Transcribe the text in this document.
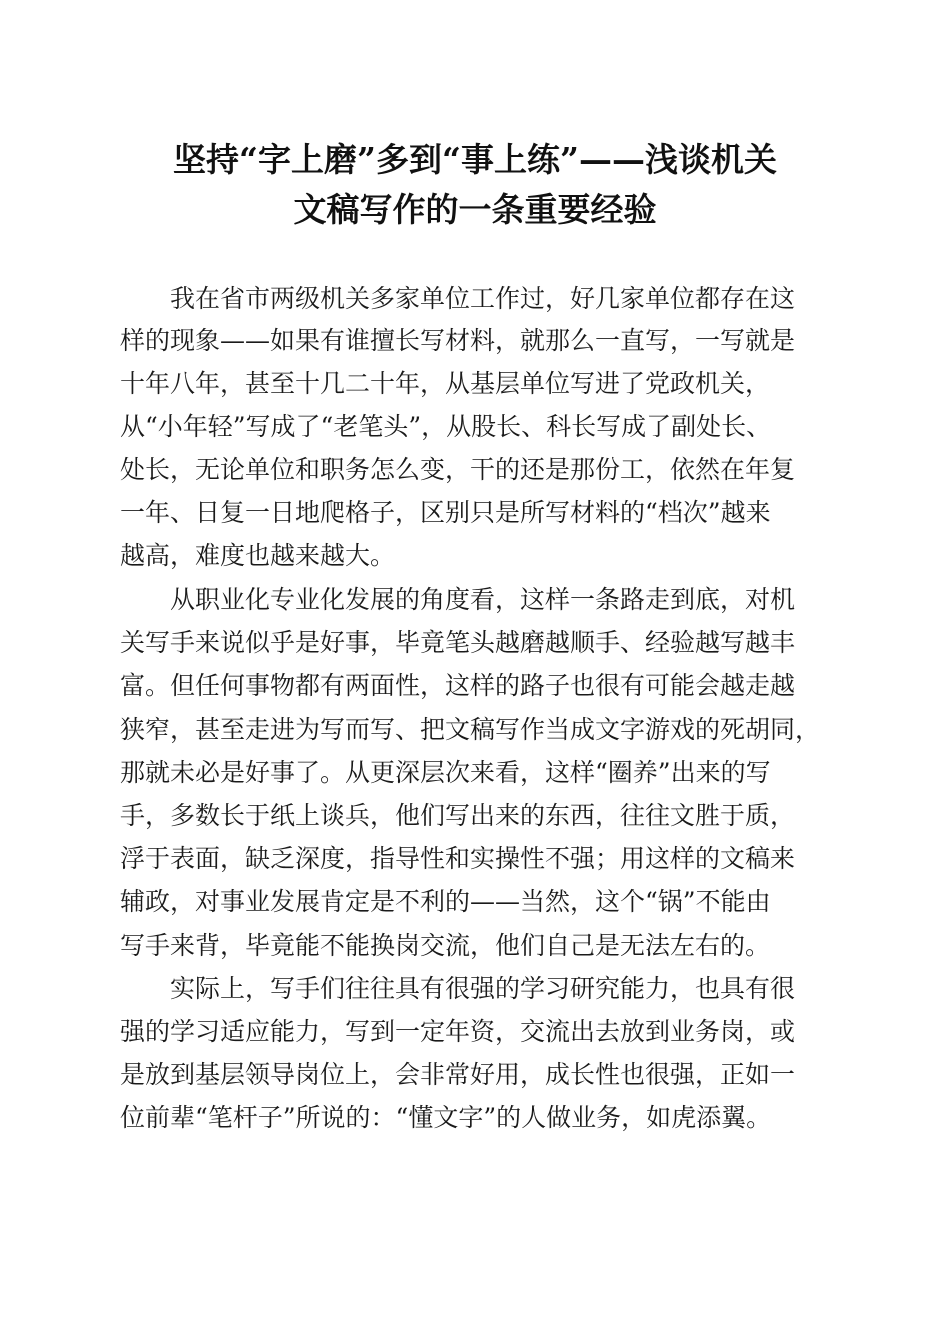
坚持“字上磨”多到“事上练”——浅谈机关
文稿写作的一条重要经验
我在省市两级机关多家单位工作过，好几家单位都存在这
样的现象——如果有谁擅长写材料，就那么一直写，一写就是
十年八年，甚至十几二十年，从基层单位写进了党政机关，
从“小年轻”写成了“老笔头”，从股长、科长写成了副处长、
处长，无论单位和职务怎么变，干的还是那份工，依然在年复
一年、日复一日地爬格子，区别只是所写材料的“档次”越来
越高，难度也越来越大。
从职业化专业化发展的角度看，这样一条路走到底，对机
关写手来说似乎是好事，毕竟笔头越磨越顺手、经验越写越丰
富。但任何事物都有两面性，这样的路子也很有可能会越走越
狭窄，甚至走进为写而写、把文稿写作当成文字游戏的死胡同，
那就未必是好事了。从更深层次来看，这样“圈养”出来的写
手，多数长于纸上谈兵，他们写出来的东西，往往文胜于质，
浮于表面，缺乏深度，指导性和实操性不强；用这样的文稿来
辅政，对事业发展肯定是不利的——当然，这个“锅”不能由
写手来背，毕竟能不能换岗交流，他们自己是无法左右的。
实际上，写手们往往具有很强的学习研究能力，也具有很
强的学习适应能力，写到一定年资，交流出去放到业务岗，或
是放到基层领导岗位上，会非常好用，成长性也很强，正如一
位前辈“笔杆子”所说的：“懂文字”的人做业务，如虎添翼。
